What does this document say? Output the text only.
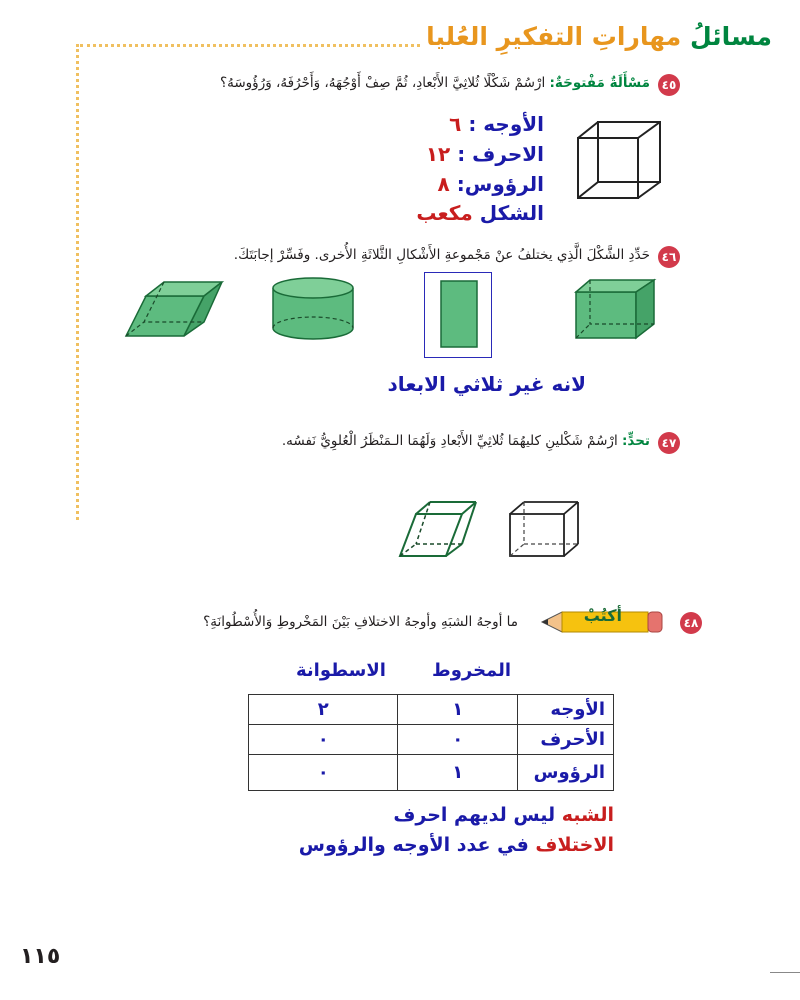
مسائلُ مهاراتِ التفكيرِ العُليا
٤٥
مَسْأَلَةٌ مَفْتوحَةٌ: ارْسُمْ شَكْلًا ثُلاثِيَّ الأَبْعادِ، ثُمَّ صِفْ أَوْجُهَهُ، وَأَحْرُفَهُ، وَرُؤُوسَهُ؟
الأوجه : ٦
الاحرف : ١٢
الرؤوس: ٨
الشكل مكعب
٤٦
حَدِّدِ الشَّكْلَ الَّذِي يختلفُ عنْ مَجْموعةِ الأَشْكالِ الثَّلاثَةِ الأُخرى. وفَسِّرْ إجابَتَكَ.
لانه غير ثلاثي الابعاد
٤٧
تحدٍّ: ارْسُمْ شَكْلينِ كليهُمَا ثُلاثِيِّ الأَبْعادِ وَلَهُمَا الـمَنْظَرُ الْعُلوِيُّ نَفسُه.
٤٨
أكتُبْ
ما أوجهُ الشبَهِ وأوجهُ الاختلافِ بَيْنَ المَخْروطِ وَالأُسْطُوانَةِ؟
الاسطوانة	المخروط
٢	١	الأوجه
٠	٠	الأحرف
٠	١	الرؤوس
الشبه ليس لديهم احرف
الاختلاف في عدد الأوجه والرؤوس
١١٥
